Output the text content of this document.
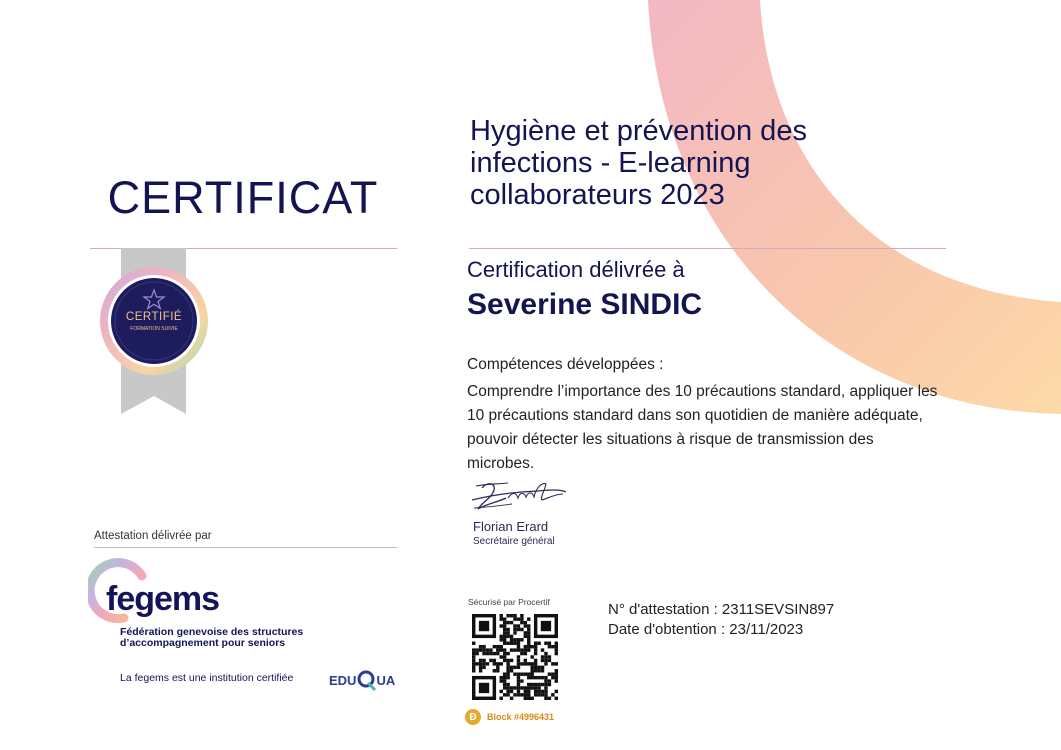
CERTIFICAT
CERTIFIÉ
FORMATION SUIVIE
Hygiène et prévention des infections - E-learning collaborateurs 2023
Certification délivrée à
Severine SINDIC
Compétences développées :
Comprendre l’importance des 10 précautions standard, appliquer les 10 précautions standard dans son quotidien de manière adéquate, pouvoir détecter les situations à risque de transmission des microbes.
Florian Erard
Secrétaire général
Attestation délivrée par
fegems
Fédération genevoise des structures d’accompagnement pour seniors
La fegems est une institution certifiée	EDU UA
Sécurisé par Procertif
Ð	Block #4996431
N° d'attestation : 2311SEVSIN897
Date d'obtention : 23/11/2023
